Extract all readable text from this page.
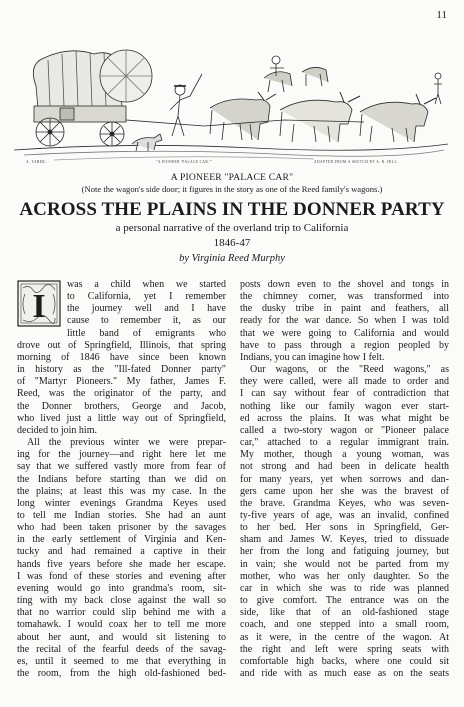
11
A. TABER.	"A PIONEER 'PALACE CAR.'"	ADAPTED FROM A SKETCH BY A. R. HILL.
A PIONEER "PALACE CAR"
(Note the wagon's side door; it figures in the story as one of the Reed family's wagons.)
ACROSS THE PLAINS IN THE DONNER PARTY
a personal narrative of the overland trip to California
1846-47
by Virginia Reed Murphy
I
was a child when we started
to California, yet I remember
the journey well and I have
cause to remember it, as our
little band of emigrants who
drove out of Springfield, Illinois, that spring
morning of 1846 have since been known
in history as the "Ill-fated Donner party"
of "Martyr Pioneers." My father, James F.
Reed, was the originator of the party, and
the Donner brothers, George and Jacob,
who lived just a little way out of Springfield,
decided to join him.
All the previous winter we were prepar-
ing for the journey—and right here let me
say that we suffered vastly more from fear of
the Indians before starting than we did on
the plains; at least this was my case. In the
long winter evenings Grandma Keyes used
to tell me Indian stories. She had an aunt
who had been taken prisoner by the savages
in the early settlement of Virginia and Ken-
tucky and had remained a captive in their
hands five years before she made her escape.
I was fond of these stories and evening after
evening would go into grandma's room, sit-
ting with my back close against the wall so
that no warrior could slip behind me with a
tomahawk. I would coax her to tell me more
about her aunt, and would sit listening to
the recital of the fearful deeds of the savag-
es, until it seemed to me that everything in
the room, from the high old-fashioned bed-
posts down even to the shovel and tongs in
the chimney corner, was transformed into
the dusky tribe in paint and feathers, all
ready for the war dance. So when I was told
that we were going to California and would
have to pass through a region peopled by
Indians, you can imagine how I felt.
Our wagons, or the "Reed wagons," as
they were called, were all made to order and
I can say without fear of contradiction that
nothing like our family wagon ever start-
ed across the plains. It was what might be
called a two-story wagon or "Pioneer palace
car," attached to a regular immigrant train.
My mother, though a young woman, was
not strong and had been in delicate health
for many years, yet when sorrows and dan-
gers came upon her she was the bravest of
the brave. Grandma Keyes, who was seven-
ty-five years of age, was an invalid, confined
to her bed. Her sons in Springfield, Ger-
sham and James W. Keyes, tried to dissuade
her from the long and fatiguing journey, but
in vain; she would not be parted from my
mother, who was her only daughter. So the
car in which she was to ride was planned
to give comfort. The entrance was on the
side, like that of an old-fashioned stage
coach, and one stepped into a small room,
as it were, in the centre of the wagon. At
the right and left were spring seats with
comfortable high backs, where one could sit
and ride with as much ease as on the seats
